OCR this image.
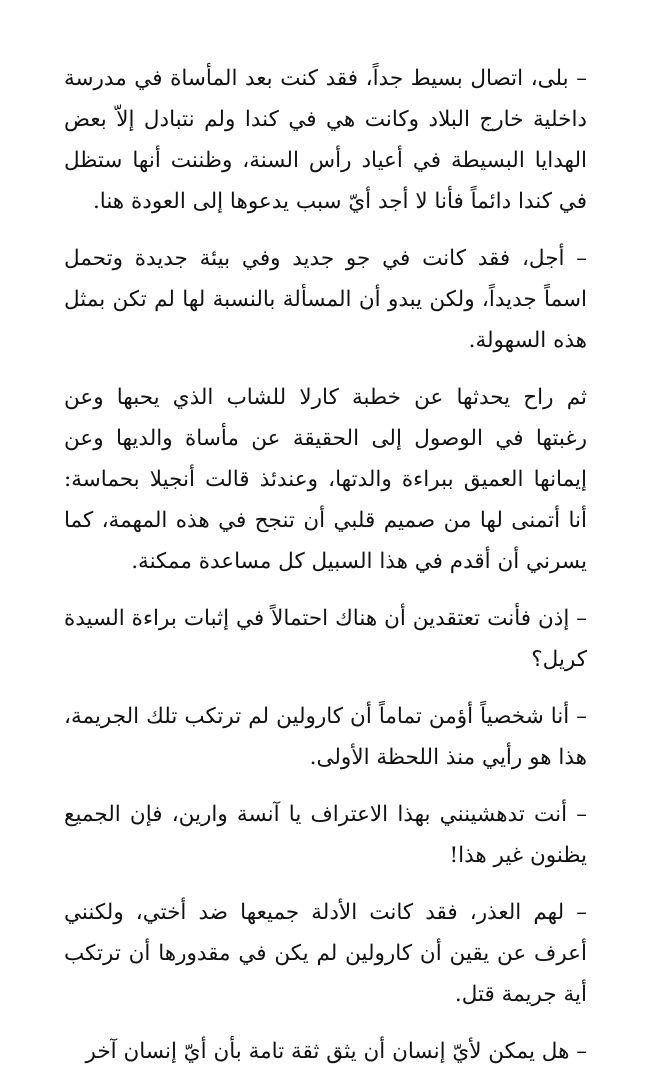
– بلى، اتصال بسيط جداً، فقد كنت بعد المأساة في مدرسة داخلية خارج البلاد وكانت هي في كندا ولم نتبادل إلاّ بعض الهدايا البسيطة في أعياد رأس السنة، وظننت أنها ستظل في كندا دائماً فأنا لا أجد أيّ سبب يدعوها إلى العودة هنا.

– أجل، فقد كانت في جو جديد وفي بيئة جديدة وتحمل اسماً جديداً، ولكن يبدو أن المسألة بالنسبة لها لم تكن بمثل هذه السهولة.

ثم راح يحدثها عن خطبة كارلا للشاب الذي يحبها وعن رغبتها في الوصول إلى الحقيقة عن مأساة والديها وعن إيمانها العميق ببراءة والدتها، وعندئذ قالت أنجيلا بحماسة: أنا أتمنى لها من صميم قلبي أن تنجح في هذه المهمة، كما يسرني أن أقدم في هذا السبيل كل مساعدة ممكنة.

– إذن فأنت تعتقدين أن هناك احتمالاً في إثبات براءة السيدة كريل؟

– أنا شخصياً أؤمن تماماً أن كارولين لم ترتكب تلك الجريمة، هذا هو رأيي منذ اللحظة الأولى.

– أنت تدهشينني بهذا الاعتراف يا آنسة وارين، فإن الجميع يظنون غير هذا!

– لهم العذر، فقد كانت الأدلة جميعها ضد أختي، ولكنني أعرف عن يقين أن كارولين لم يكن في مقدورها أن ترتكب أية جريمة قتل.

– هل يمكن لأيّ إنسان أن يثق ثقة تامة بأن أيّ إنسان آخر
